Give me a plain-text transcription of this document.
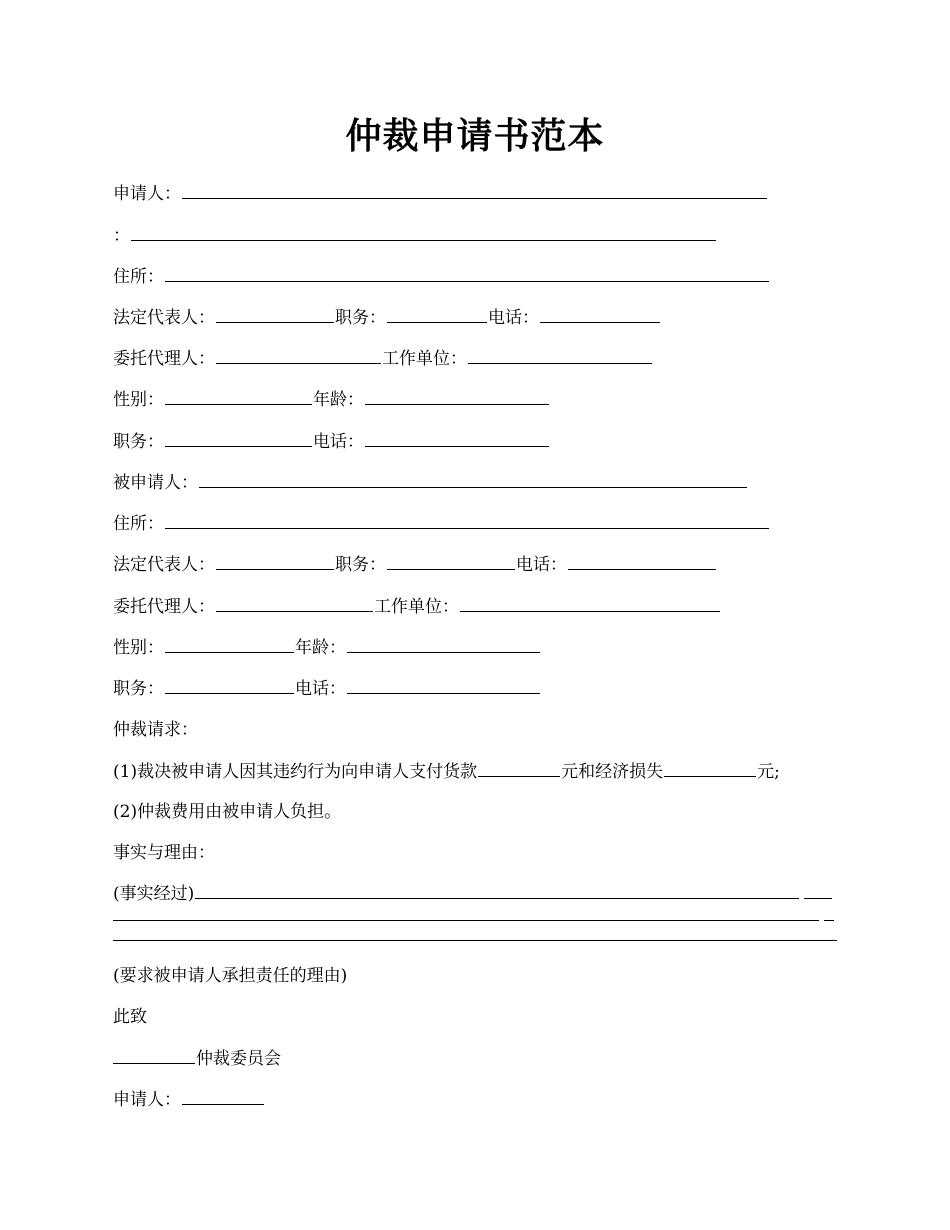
仲裁申请书范本
申请人：
：
住所：
法定代表人：	职务：	电话：
委托代理人：	工作单位：
性别：	年龄：
职务：	电话：
被申请人：
住所：
法定代表人：	职务：	电话：
委托代理人：	工作单位：
性别：	年龄：
职务：	电话：
仲裁请求：
(1)裁决被申请人因其违约行为向申请人支付货款	元和经济损失	元;
(2)仲裁费用由被申请人负担。
事实与理由：
(事实经过)
(要求被申请人承担责任的理由)
此致
仲裁委员会
申请人：
